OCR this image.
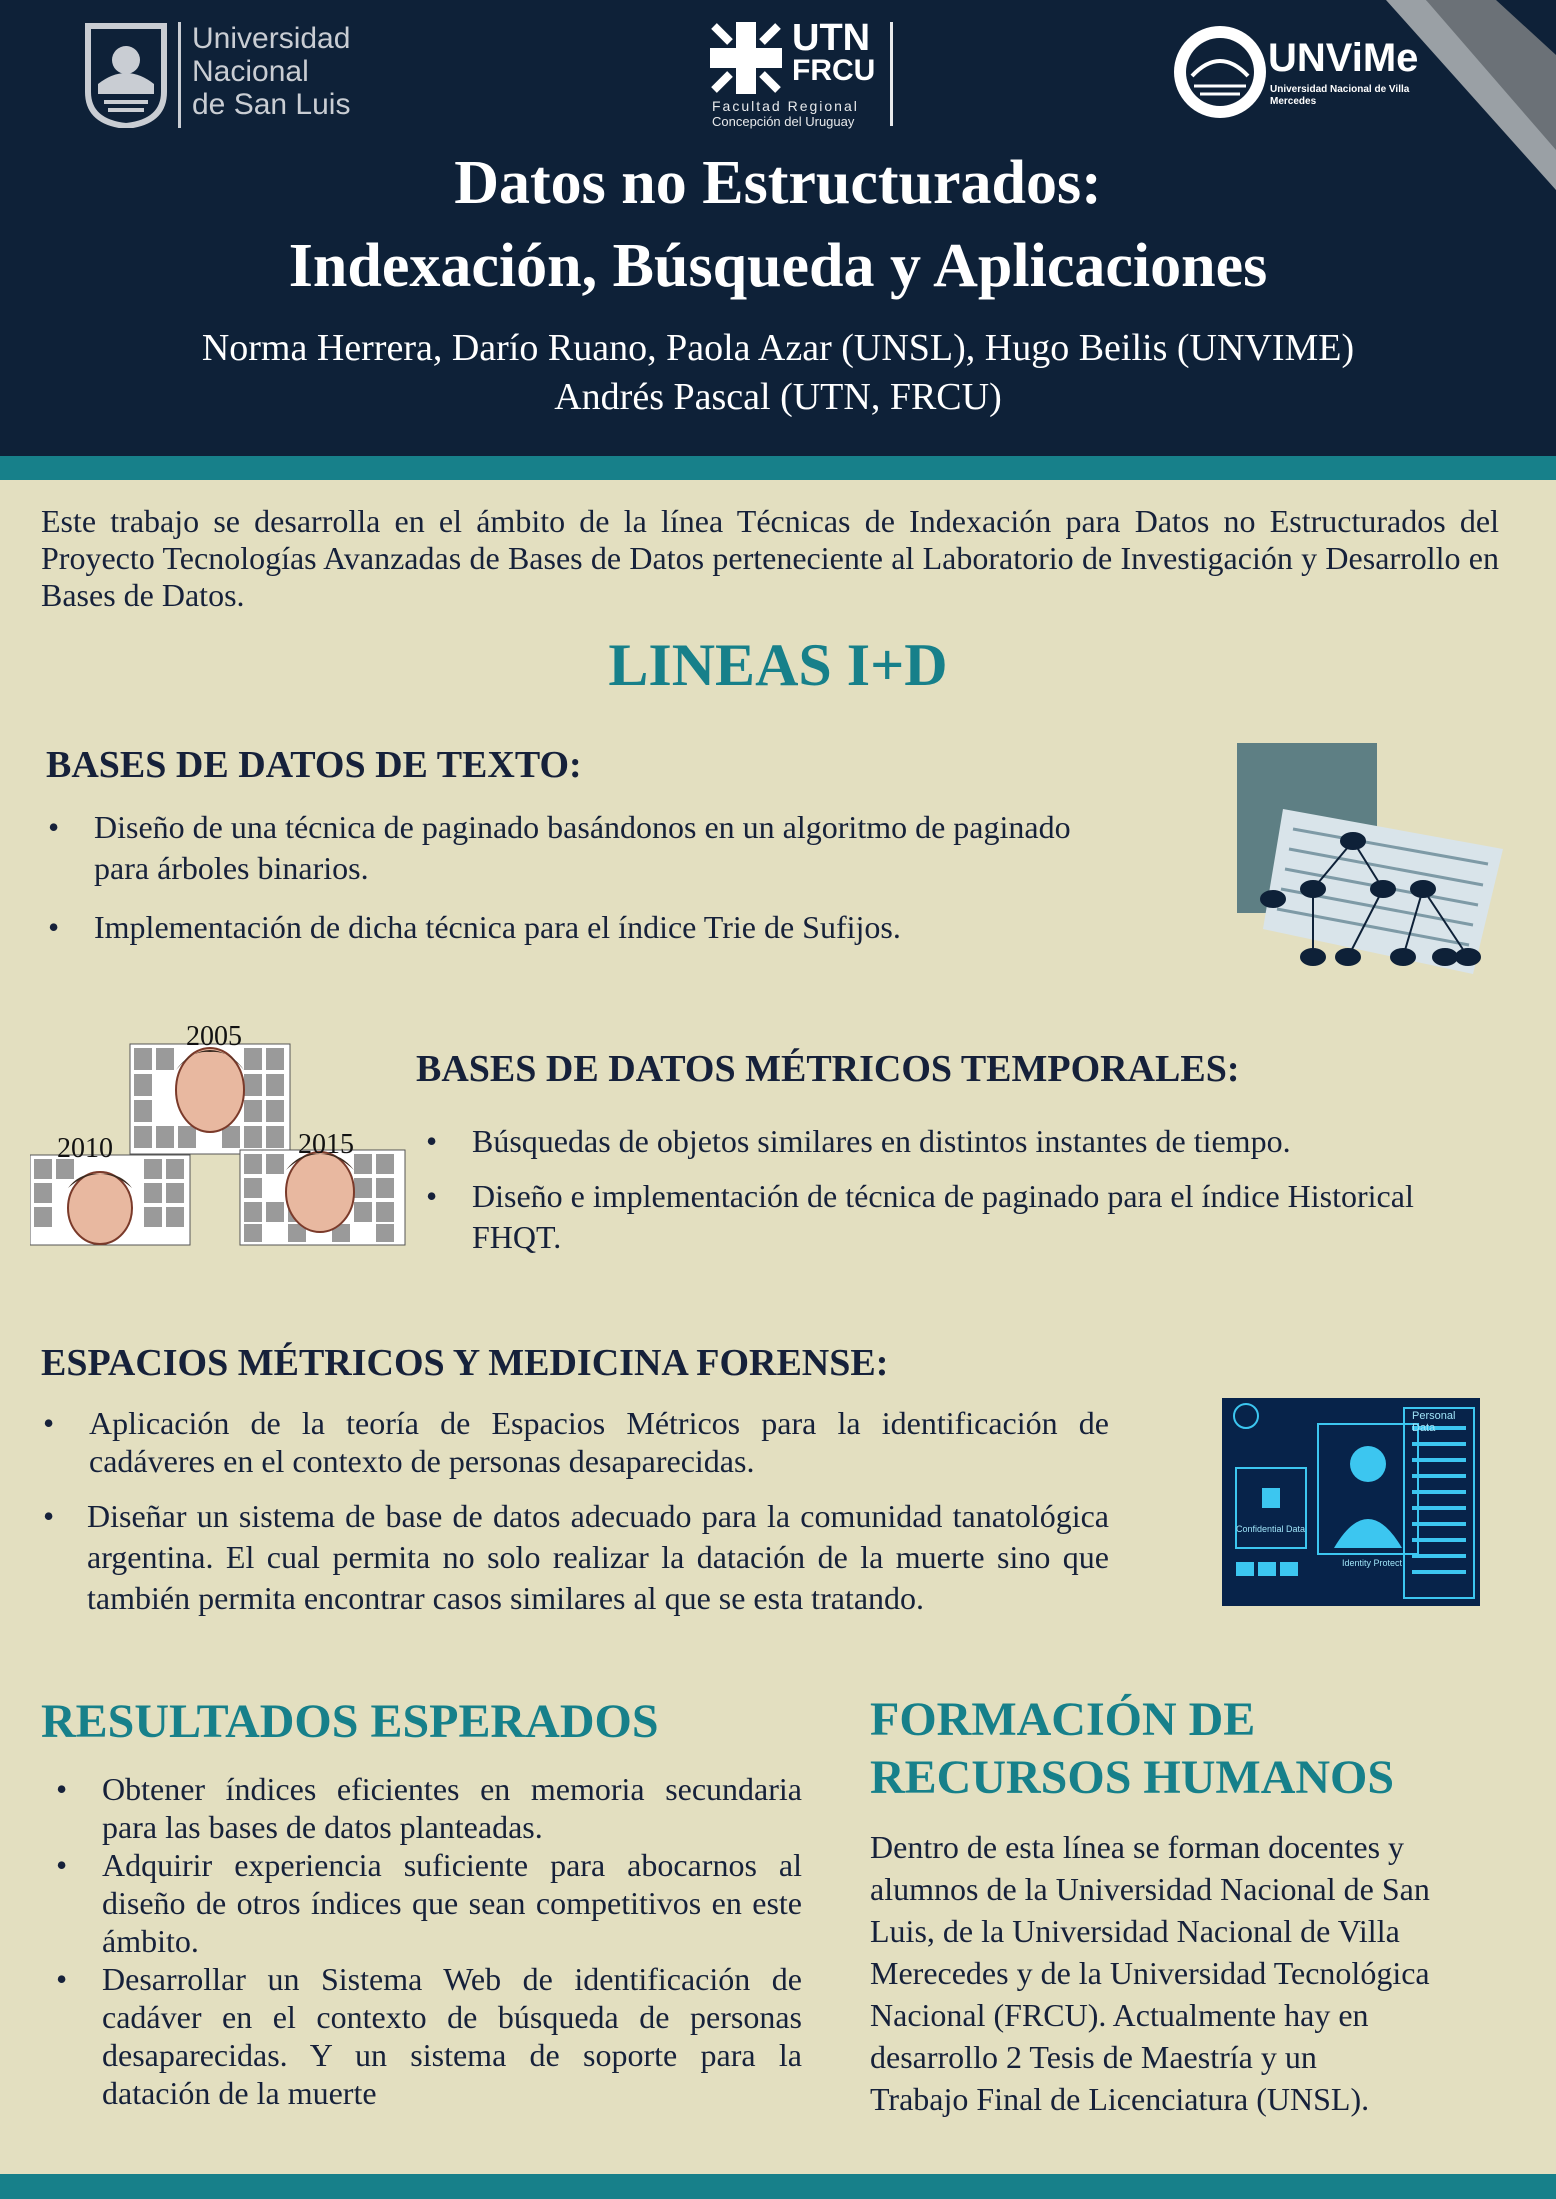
Universidad
Nacional
de San Luis
UTN
FRCU
Facultad Regional
Concepción del Uruguay
UNViMe
Universidad Nacional de Villa Mercedes
Datos no Estructurados:
Indexación, Búsqueda y Aplicaciones
Norma Herrera, Darío Ruano, Paola Azar (UNSL), Hugo Beilis (UNVIME)
Andrés Pascal (UTN, FRCU)
Este trabajo se desarrolla en el ámbito de la línea Técnicas de Indexación para Datos no Estructurados del Proyecto Tecnologías Avanzadas de Bases de Datos perteneciente al Laboratorio de Investigación y Desarrollo en Bases de Datos.
LINEAS I+D
BASES DE DATOS DE TEXTO:
• Diseño de una técnica de paginado basándonos en un algoritmo de paginado para árboles binarios.
• Implementación de dicha técnica para el índice Trie de Sufijos.
2005
2010	2015
BASES DE DATOS MÉTRICOS TEMPORALES:
• Búsquedas de objetos similares en distintos instantes de tiempo.
• Diseño e implementación de técnica de paginado para el índice Historical FHQT.
ESPACIOS MÉTRICOS Y MEDICINA FORENSE:
• Aplicación de la teoría de Espacios Métricos para la identificación de cadáveres en el contexto de personas desaparecidas.
• Diseñar un sistema de base de datos adecuado para la comunidad tanatológica argentina. El cual permita no solo realizar la datación de la muerte sino que también permita encontrar casos similares al que se esta tratando.
Personal Data
Confidential Data
Identity Protect
RESULTADOS ESPERADOS
• Obtener índices eficientes en memoria secundaria para las bases de datos planteadas.
• Adquirir experiencia suficiente para abocarnos al diseño de otros índices que sean competitivos en este ámbito.
• Desarrollar un Sistema Web de identificación de cadáver en el contexto de búsqueda de personas desaparecidas. Y un sistema de soporte para la datación de la muerte
FORMACIÓN DE
RECURSOS HUMANOS
Dentro de esta línea se forman docentes y
alumnos de la Universidad Nacional de San
Luis, de la Universidad Nacional de Villa
Merecedes y de la Universidad Tecnológica
Nacional (FRCU). Actualmente hay en
desarrollo 2 Tesis de Maestría y un
Trabajo Final de Licenciatura (UNSL).
